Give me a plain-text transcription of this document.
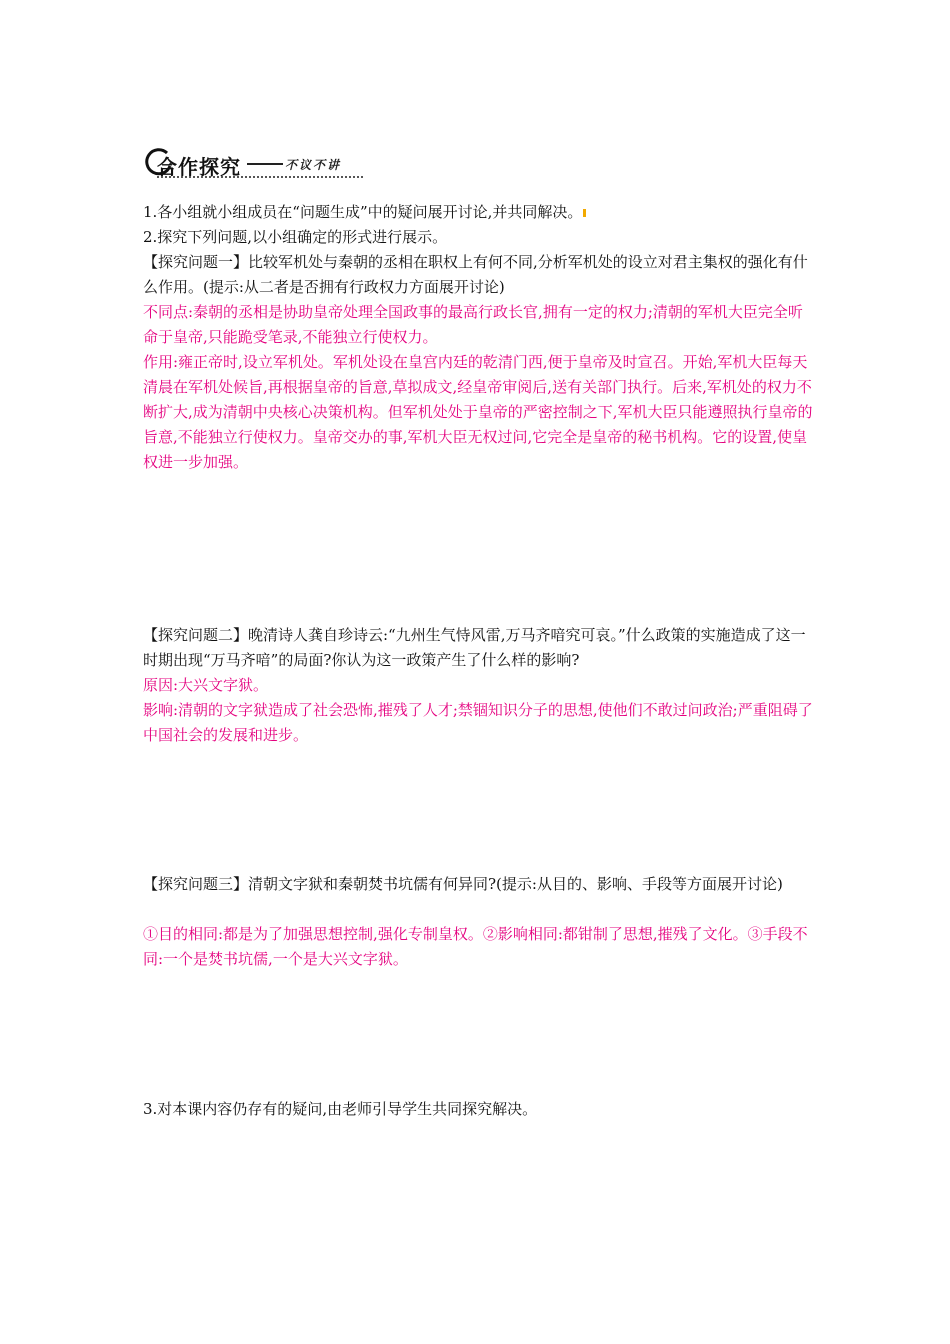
合作探究	不议不讲

1.各小组就小组成员在“问题生成”中的疑问展开讨论,并共同解决。

2.探究下列问题,以小组确定的形式进行展示。

【探究问题一】比较军机处与秦朝的丞相在职权上有何不同,分析军机处的设立对君主集权的强化有什么作用。(提示:从二者是否拥有行政权力方面展开讨论)

不同点:秦朝的丞相是协助皇帝处理全国政事的最高行政长官,拥有一定的权力;清朝的军机大臣完全听命于皇帝,只能跪受笔录,不能独立行使权力。

作用:雍正帝时,设立军机处。军机处设在皇宫内廷的乾清门西,便于皇帝及时宣召。开始,军机大臣每天清晨在军机处候旨,再根据皇帝的旨意,草拟成文,经皇帝审阅后,送有关部门执行。后来,军机处的权力不断扩大,成为清朝中央核心决策机构。但军机处处于皇帝的严密控制之下,军机大臣只能遵照执行皇帝的旨意,不能独立行使权力。皇帝交办的事,军机大臣无权过问,它完全是皇帝的秘书机构。它的设置,使皇权进一步加强。

【探究问题二】晚清诗人龚自珍诗云:“九州生气恃风雷,万马齐喑究可哀。”什么政策的实施造成了这一时期出现“万马齐喑”的局面?你认为这一政策产生了什么样的影响?

原因:大兴文字狱。

影响:清朝的文字狱造成了社会恐怖,摧残了人才;禁锢知识分子的思想,使他们不敢过问政治;严重阻碍了中国社会的发展和进步。

【探究问题三】清朝文字狱和秦朝焚书坑儒有何异同?(提示:从目的、影响、手段等方面展开讨论)

①目的相同:都是为了加强思想控制,强化专制皇权。②影响相同:都钳制了思想,摧残了文化。③手段不同:一个是焚书坑儒,一个是大兴文字狱。

3.对本课内容仍存有的疑问,由老师引导学生共同探究解决。
